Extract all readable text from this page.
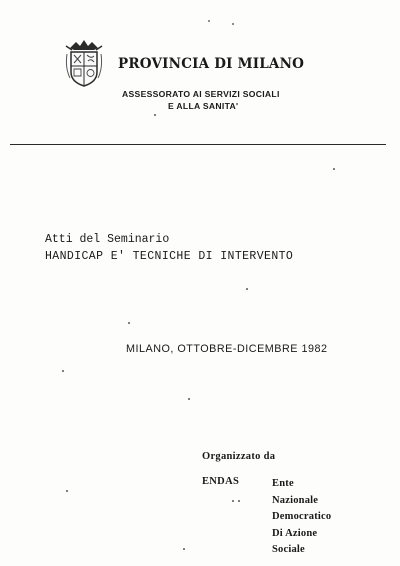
PROVINCIA DI MILANO
ASSESSORATO AI SERVIZI SOCIALI
E ALLA SANITA'
Atti del Seminario
HANDICAP E' TECNICHE DI INTERVENTO
MILANO, OTTOBRE-DICEMBRE 1982
Organizzato da
ENDAS	Ente
Nazionale
Democratico
Di Azione
Sociale
